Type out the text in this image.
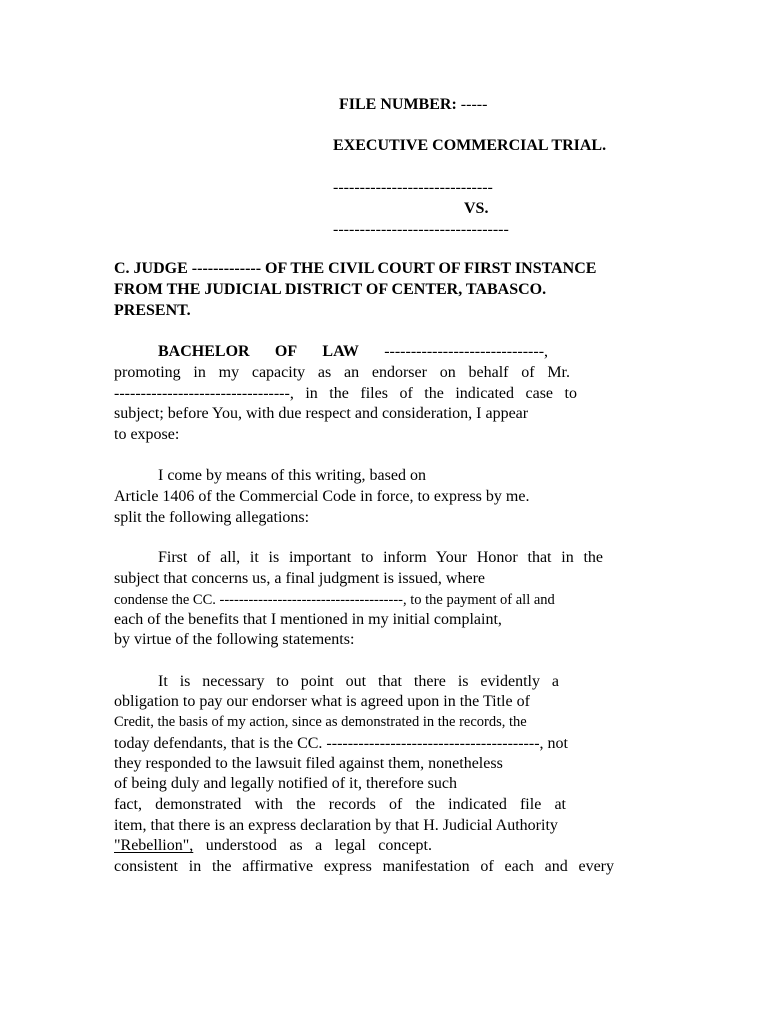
FILE NUMBER: -----
EXECUTIVE COMMERCIAL TRIAL.
------------------------------
VS.
---------------------------------
C. JUDGE ------------- OF THE CIVIL COURT OF FIRST INSTANCE
FROM THE JUDICIAL DISTRICT OF CENTER, TABASCO.
PRESENT.
BACHELOR OF LAW ------------------------------,
promoting in my capacity as an endorser on behalf of Mr.
---------------------------------, in the files of the indicated case to
subject; before You, with due respect and consideration, I appear
to expose:
I come by means of this writing, based on
Article 1406 of the Commercial Code in force, to express by me.
split the following allegations:
First of all, it is important to inform Your Honor that in the
subject that concerns us, a final judgment is issued, where
condense the CC. --------------------------------------, to the payment of all and
each of the benefits that I mentioned in my initial complaint,
by virtue of the following statements:
It is necessary to point out that there is evidently a
obligation to pay our endorser what is agreed upon in the Title of
Credit, the basis of my action, since as demonstrated in the records, the
today defendants, that is the CC. ----------------------------------------, not
they responded to the lawsuit filed against them, nonetheless
of being duly and legally notified of it, therefore such
fact, demonstrated with the records of the indicated file at
item, that there is an express declaration by that H. Judicial Authority
"Rebellion", understood as a legal concept.
consistent in the affirmative express manifestation of each and every
